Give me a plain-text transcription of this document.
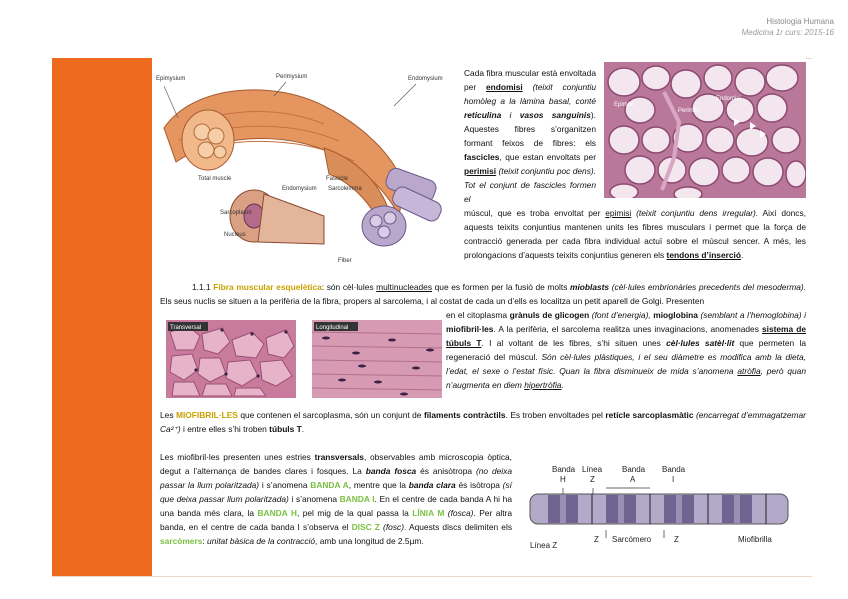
Histologia Humana
Medicina 1r curs: 2015-16
Epimysium	Perimysium	Endomysium
Total muscle	Fascicle
Endomysium Sarcolemma
Sarcoplasm
Nucleus
Fiber
Epimisi
Perimisi
Endomisi
Cada fibra muscular està envoltada per endomisi (teixit conjuntiu homòleg a la làmina basal, conté reticulina i vasos sanguinis). Aquestes fibres s’organitzen formant feixos de fibres: els fascicles, que estan envoltats per perimisi (teixit conjuntiu poc dens). Tot el conjunt de fascicles formen el
múscul, que es troba envoltat per epimisi (teixit conjuntiu dens irregular). Així doncs, aquests teixits conjuntius mantenen units les fibres musculars i permet que la força de contracció generada per cada fibra individual actuï sobre el múscul sencer. A més, les prolongacions d’aquests teixits conjuntius generen els tendons d’inserció.
1.1.1 Fibra muscular esquelètica: són cèl·lules multinucleades que es formen per la fusió de molts mioblasts (cèl·lules embrionàries precedents del mesoderma). Els seus nuclis se situen a la perifèria de la fibra, propers al sarcolema, i al costat de cada un d’ells es localitza un petit aparell de Golgi. Presenten
Transversal	Longitudinal
en el citoplasma grànuls de glicogen (font d’energia), mioglobina (semblant a l’hemoglobina) i miofibril·les. A la perifèria, el sarcolema realitza unes invaginacions, anomenades sistema de túbuls T. I al voltant de les fibres, s’hi situen unes cèl·lules satèl·lit que permeten la regeneració del múscul. Són cèl·lules plàstiques, i el seu diàmetre es modifica amb la dieta, l’edat, el sexe o l’estat físic. Quan la fibra disminueix de mida s’anomena atròfia, però quan n’augmenta en diem hipertròfia.
Les MIOFIBRIL·LES que contenen el sarcoplasma, són un conjunt de filaments contràctils. Es troben envoltades pel retícle sarcoplasmàtic (encarregat d’emmagatzemar Ca²⁺) i entre elles s’hi troben túbuls T.
Les miofibril·les presenten unes estries transversals, observables amb microscopia òptica, degut a l’alternança de bandes clares i fosques. La banda fosca és anisòtropa (no deixa passar la llum polaritzada) i s’anomena BANDA A, mentre que la banda clara és isòtropa (sí que deixa passar llum polaritzada) i s’anomena BANDA I. En el centre de cada banda A hi ha una banda més clara, la BANDA H, pel mig de la qual passa la LÍNIA M (fosca). Per altra banda, en el centre de cada banda I s’observa el DISC Z (fosc). Aquests discs delimiten els sarcòmers: unitat bàsica de la contracció, amb una longitud de 2.5µm.
Banda
H
Línea
Z
Banda
A
Banda
I
Línea Z
Z Sarcómero	Z	Miofibrilla
